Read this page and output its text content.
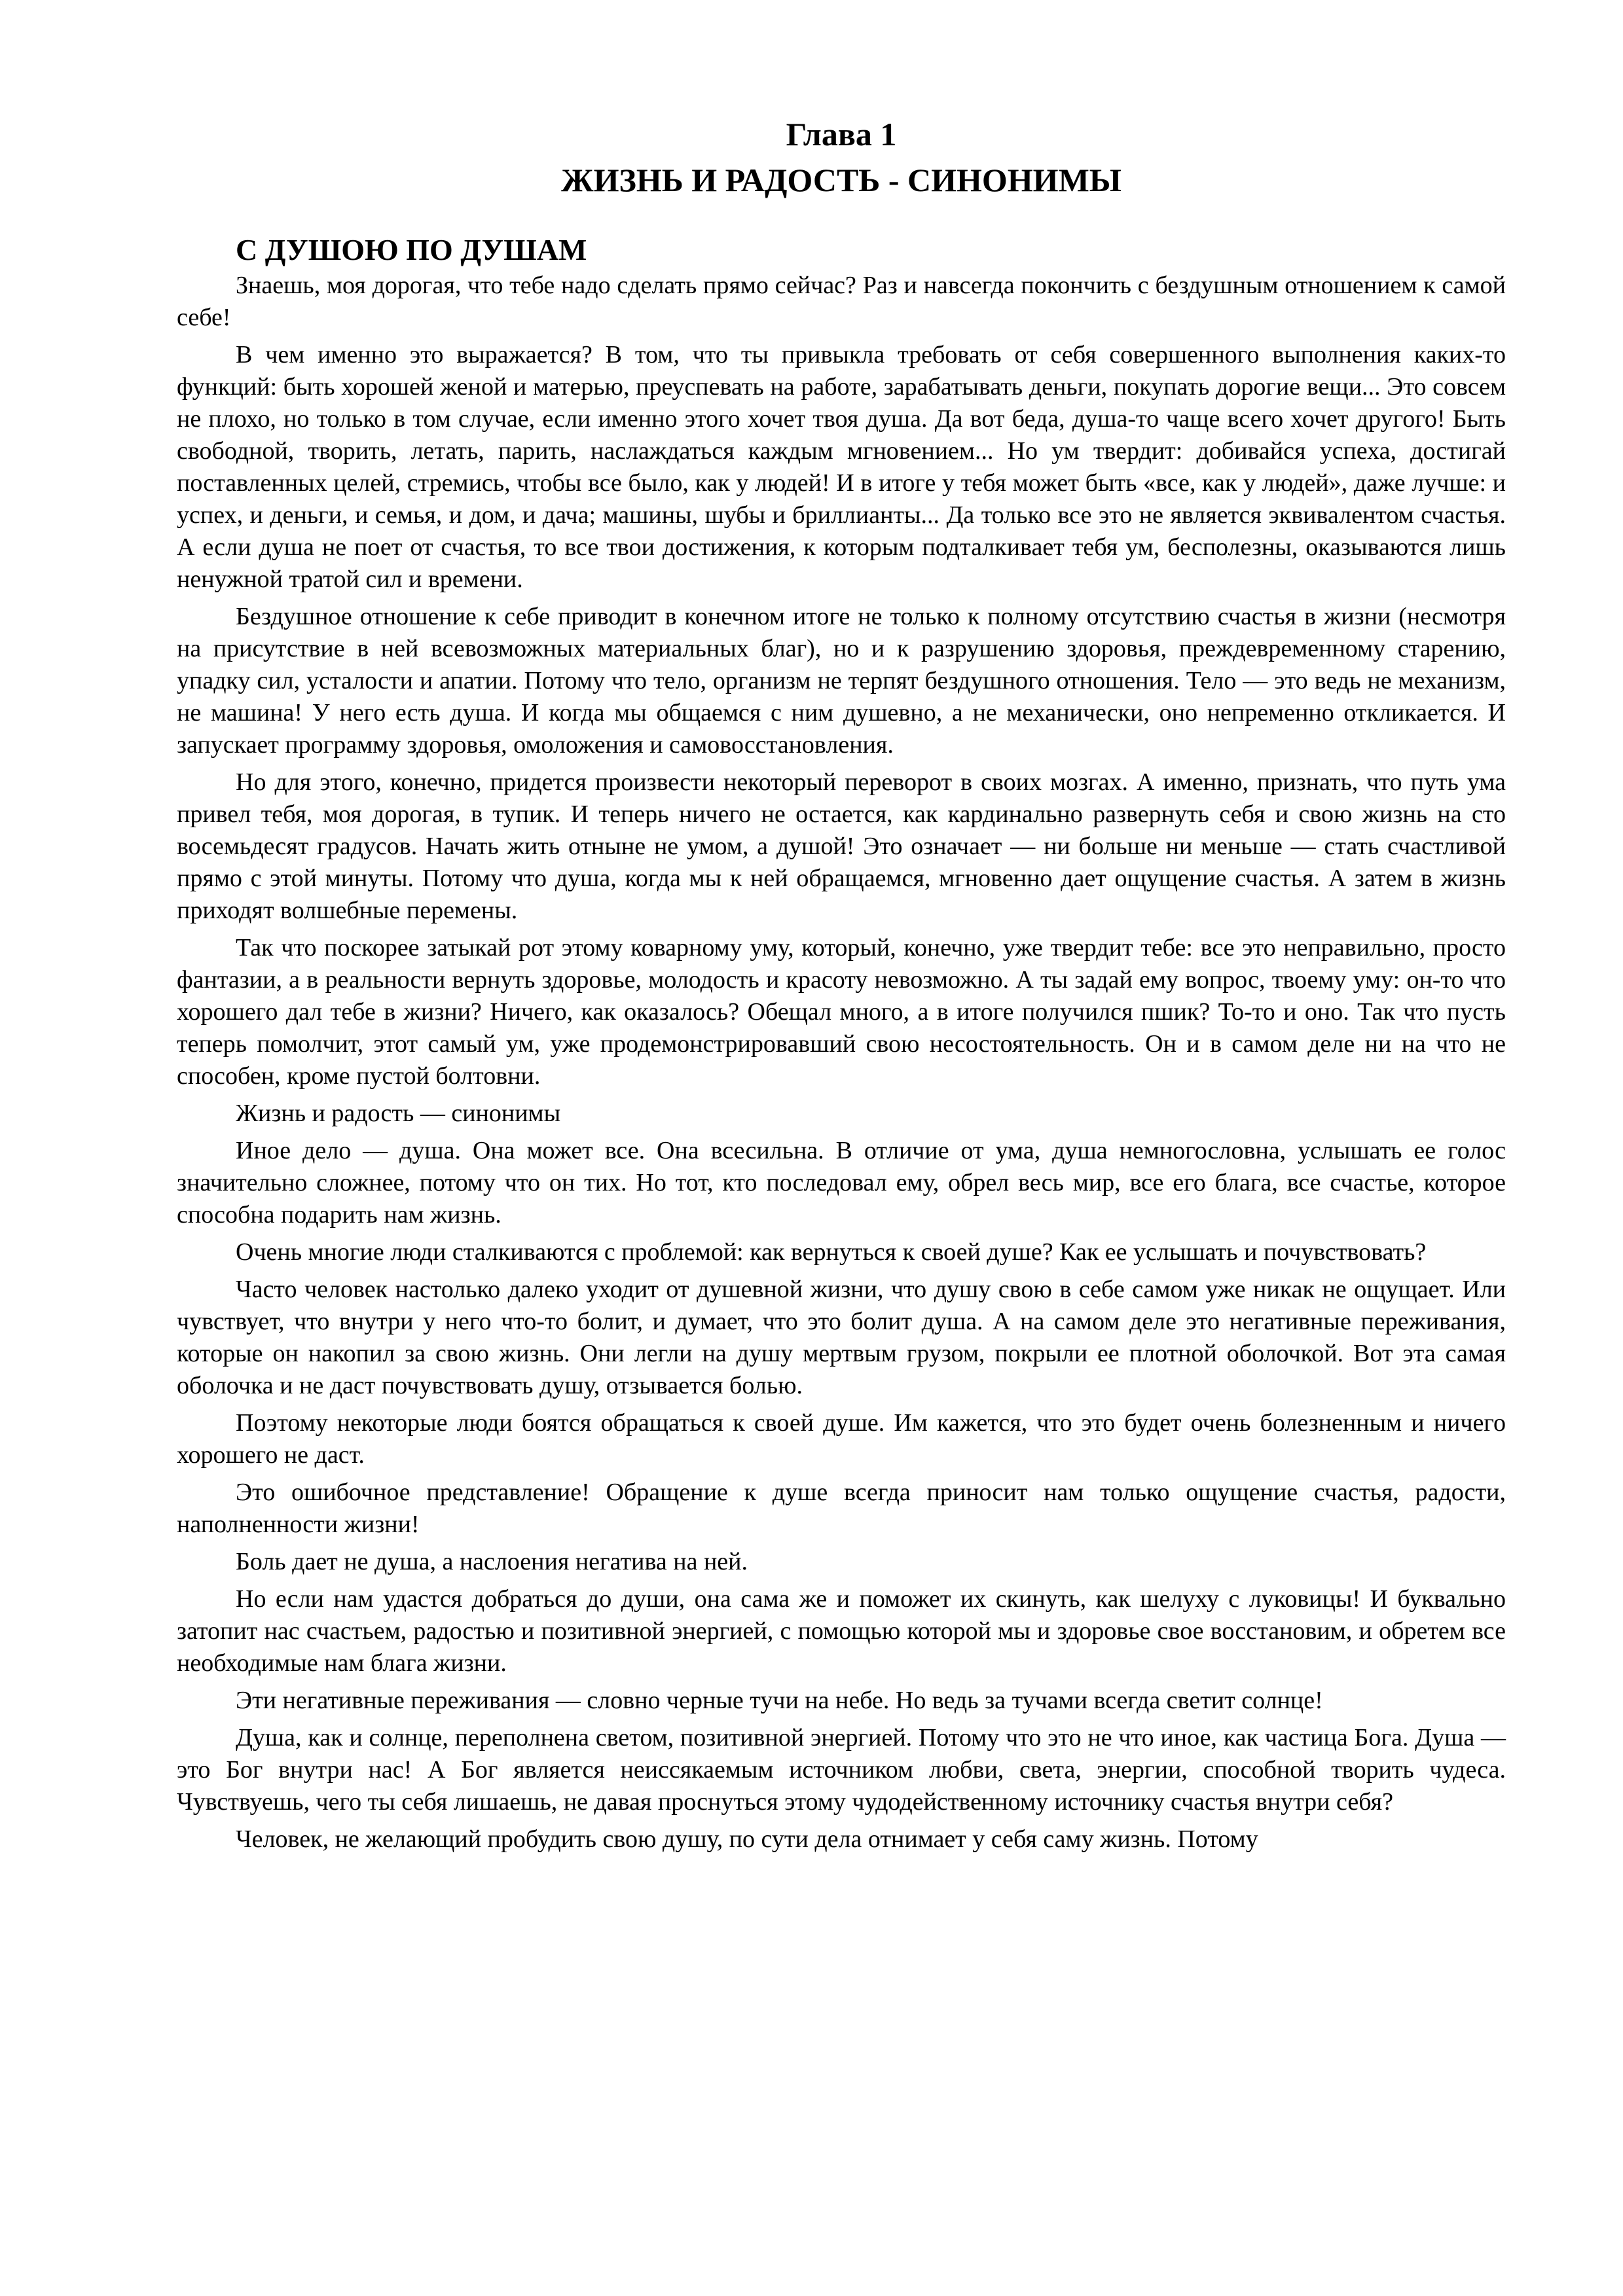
Глава 1
ЖИЗНЬ И РАДОСТЬ - СИНОНИМЫ
С ДУШОЮ ПО ДУШАМ

Знаешь, моя дорогая, что тебе надо сделать прямо сейчас? Раз и навсегда покончить с бездушным отношением к самой себе!

В чем именно это выражается? В том, что ты привыкла требовать от себя совершенного выполнения каких-то функций: быть хорошей женой и матерью, преуспевать на работе, зарабатывать деньги, покупать дорогие вещи... Это совсем не плохо, но только в том случае, если именно этого хочет твоя душа. Да вот беда, душа-то чаще всего хочет другого! Быть свободной, творить, летать, парить, наслаждаться каждым мгновением... Но ум твердит: добивайся успеха, достигай поставленных целей, стремись, чтобы все было, как у людей! И в итоге у тебя может быть «все, как у людей», даже лучше: и успех, и деньги, и семья, и дом, и дача; машины, шубы и бриллианты... Да только все это не является эквивалентом счастья. А если душа не поет от счастья, то все твои достижения, к которым подталкивает тебя ум, бесполезны, оказываются лишь ненужной тратой сил и времени.

Бездушное отношение к себе приводит в конечном итоге не только к полному отсутствию счастья в жизни (несмотря на присутствие в ней всевозможных материальных благ), но и к разрушению здоровья, преждевременному старению, упадку сил, усталости и апатии. Потому что тело, организм не терпят бездушного отношения. Тело — это ведь не механизм, не машина! У него есть душа. И когда мы общаемся с ним душевно, а не механически, оно непременно откликается. И запускает программу здоровья, омоложения и самовосстановления.

Но для этого, конечно, придется произвести некоторый переворот в своих мозгах. А именно, признать, что путь ума привел тебя, моя дорогая, в тупик. И теперь ничего не остается, как кардинально развернуть себя и свою жизнь на сто восемьдесят градусов. Начать жить отныне не умом, а душой! Это означает — ни больше ни меньше — стать счастливой прямо с этой минуты. Потому что душа, когда мы к ней обращаемся, мгновенно дает ощущение счастья. А затем в жизнь приходят волшебные перемены.

Так что поскорее затыкай рот этому коварному уму, который, конечно, уже твердит тебе: все это неправильно, просто фантазии, а в реальности вернуть здоровье, молодость и красоту невозможно. А ты задай ему вопрос, твоему уму: он-то что хорошего дал тебе в жизни? Ничего, как оказалось? Обещал много, а в итоге получился пшик? То-то и оно. Так что пусть теперь помолчит, этот самый ум, уже продемонстрировавший свою несостоятельность. Он и в самом деле ни на что не способен, кроме пустой болтовни.

Жизнь и радость — синонимы

Иное дело — душа. Она может все. Она всесильна. В отличие от ума, душа немногословна, услышать ее голос значительно сложнее, потому что он тих. Но тот, кто последовал ему, обрел весь мир, все его блага, все счастье, которое способна подарить нам жизнь.

Очень многие люди сталкиваются с проблемой: как вернуться к своей душе? Как ее услышать и почувствовать?

Часто человек настолько далеко уходит от душевной жизни, что душу свою в себе самом уже никак не ощущает. Или чувствует, что внутри у него что-то болит, и думает, что это болит душа. А на самом деле это негативные переживания, которые он накопил за свою жизнь. Они легли на душу мертвым грузом, покрыли ее плотной оболочкой. Вот эта самая оболочка и не даст почувствовать душу, отзывается болью.

Поэтому некоторые люди боятся обращаться к своей душе. Им кажется, что это будет очень болезненным и ничего хорошего не даст.

Это ошибочное представление! Обращение к душе всегда приносит нам только ощущение счастья, радости, наполненности жизни!

Боль дает не душа, а наслоения негатива на ней.

Но если нам удастся добраться до души, она сама же и поможет их скинуть, как шелуху с луковицы! И буквально затопит нас счастьем, радостью и позитивной энергией, с помощью которой мы и здоровье свое восстановим, и обретем все необходимые нам блага жизни.

Эти негативные переживания — словно черные тучи на небе. Но ведь за тучами всегда светит солнце!

Душа, как и солнце, переполнена светом, позитивной энергией. Потому что это не что иное, как частица Бога. Душа — это Бог внутри нас! А Бог является неиссякаемым источником любви, света, энергии, способной творить чудеса. Чувствуешь, чего ты себя лишаешь, не давая проснуться этому чудодейственному источнику счастья внутри себя?

Человек, не желающий пробудить свою душу, по сути дела отнимает у себя саму жизнь. Потому
